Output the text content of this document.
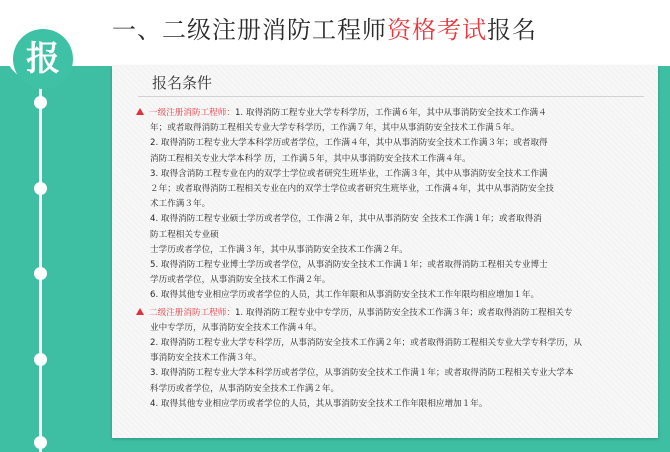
报
一、二级注册消防工程师资格考试报名
报名条件

一级注册消防工程师：1. 取得消防工程专业大学专科学历，工作满６年，其中从事消防安全技术工作满４

年；或者取得消防工程相关专业大学专科学历，工作满７年，其中从事消防安全技术工作满５年。

2. 取得消防工程专业大学本科学历或者学位，工作满４年，其中从事消防安全技术工作满３年；或者取得

消防工程相关专业大学本科学 历，工作满５年，其中从事消防安全技术工作满４年。

3. 取得含消防工程专业在内的双学士学位或者研究生班毕业，工作满３年，其中从事消防安全技术工作满

２年；或者取得消防工程相关专业在内的双学士学位或者研究生班毕业，工作满４年，其中从事消防安全技

术工作满３年。

4. 取得消防工程专业硕士学历或者学位，工作满２年，其中从事消防安 全技术工作满１年；或者取得消

防工程相关专业硕

士学历或者学位，工作满３年，其中从事消防安全技术工作满２年。

5. 取得消防工程专业博士学历或者学位，从事消防安全技术工作满１年；或者取得消防工程相关专业博士

学历或者学位，从事消防安全技术工作满２年。

6. 取得其他专业相应学历或者学位的人员，其工作年限和从事消防安全技术工作年限均相应增加１年。

二级注册消防工程师：1. 取得消防工程专业中专学历，从事消防安全技术工作满３年；或者取得消防工程相关专

业中专学历，从事消防安全技术工作满４年。

2. 取得消防工程专业大学专科学历，从事消防安全技术工作满２年；或者取得消防工程相关专业大学专科学历，从

事消防安全技术工作满３年。

3. 取得消防工程专业大学本科学历或者学位，从事消防安全技术工作满１年；或者取得消防工程相关专业大学本

科学历或者学位，从事消防安全技术工作满２年。

4. 取得其他专业相应学历或者学位的人员，其从事消防安全技术工作年限相应增加１年。
